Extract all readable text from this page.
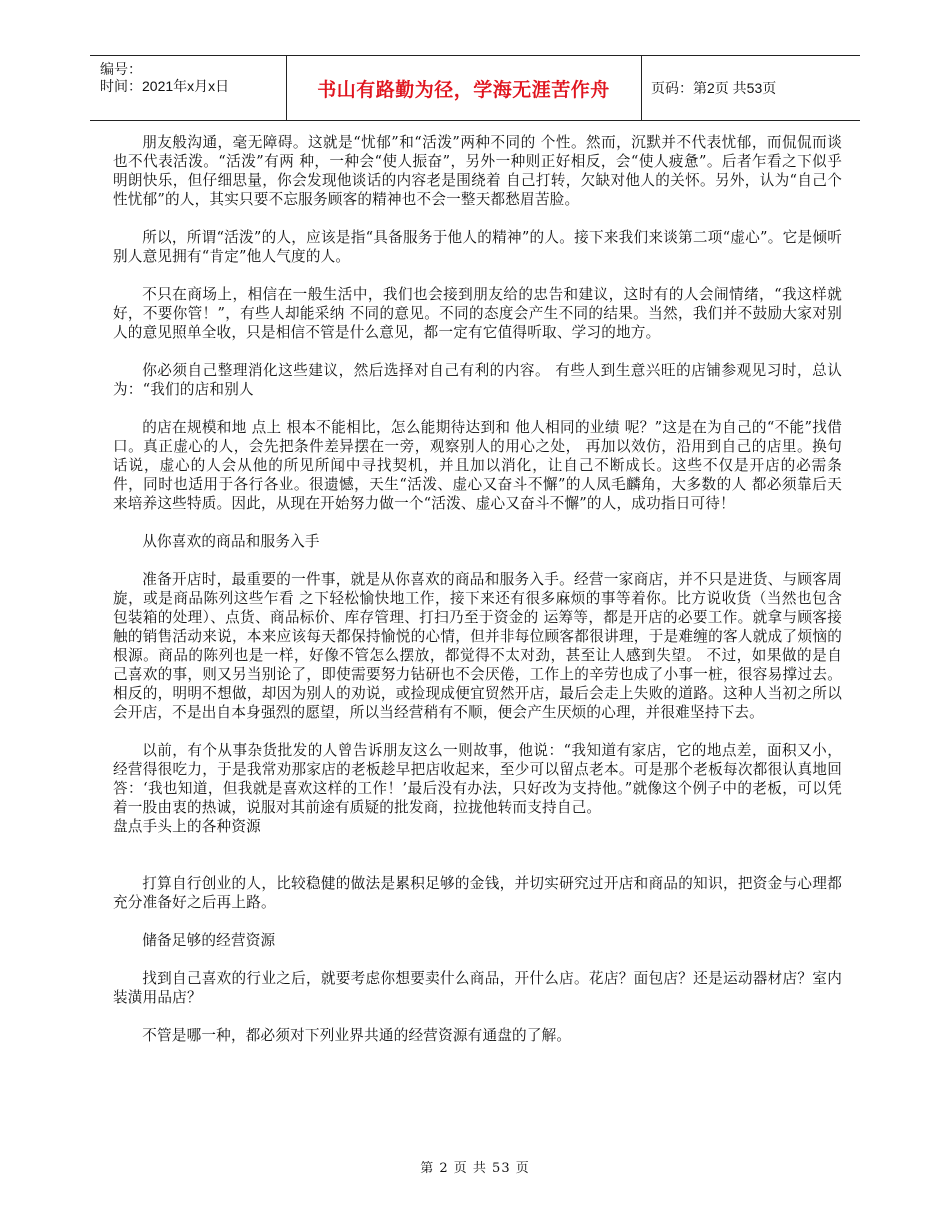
编号：
时间：2021年x月x日	书山有路勤为径，学海无涯苦作舟	页码：第2页 共53页

朋友般沟通，毫无障碍。这就是“忧郁”和“活泼”两种不同的 个性。然而，沉默并不代表忧郁，而侃侃而谈也不代表活泼。“活泼”有两 种，一种会“使人振奋”，另外一种则正好相反，会“使人疲惫”。后者乍看之下似乎明朗快乐，但仔细思量，你会发现他谈话的内容老是围绕着 自己打转，欠缺对他人的关怀。另外，认为“自己个性忧郁”的人，其实只要不忘服务顾客的精神也不会一整天都愁眉苦脸。

所以，所谓“活泼”的人，应该是指“具备服务于他人的精神”的人。接下来我们来谈第二项“虚心”。它是倾听别人意见拥有“肯定”他人气度的人。

不只在商场上，相信在一般生活中，我们也会接到朋友给的忠告和建议，这时有的人会闹情绪，“我这样就好，不要你管！”，有些人却能采纳 不同的意见。不同的态度会产生不同的结果。当然，我们并不鼓励大家对别人的意见照单全收，只是相信不管是什么意见，都一定有它值得听取、学习的地方。

你必须自己整理消化这些建议，然后选择对自己有利的内容。 有些人到生意兴旺的店铺参观见习时，总认为：“我们的店和别人

的店在规模和地 点上 根本不能相比，怎么能期待达到和 他人相同的业绩 呢？”这是在为自己的“不能”找借口。真正虚心的人，会先把条件差异摆在一旁，观察别人的用心之处， 再加以效仿，沿用到自己的店里。换句话说，虚心的人会从他的所见所闻中寻找契机，并且加以消化，让自己不断成长。这些不仅是开店的必需条 件，同时也适用于各行各业。很遗憾，天生“活泼、虚心又奋斗不懈”的人凤毛麟角，大多数的人 都必须靠后天来培养这些特质。因此，从现在开始努力做一个“活泼、虚心又奋斗不懈”的人，成功指日可待！

从你喜欢的商品和服务入手

准备开店时，最重要的一件事，就是从你喜欢的商品和服务入手。经营一家商店，并不只是进货、与顾客周旋，或是商品陈列这些乍看 之下轻松愉快地工作，接下来还有很多麻烦的事等着你。比方说收货（当然也包含包装箱的处理）、点货、商品标价、库存管理、打扫乃至于资金的 运筹等，都是开店的必要工作。就拿与顾客接触的销售活动来说，本来应该每天都保持愉悦的心情，但并非每位顾客都很讲理，于是难缠的客人就成了烦恼的根源。商品的陈列也是一样，好像不管怎么摆放，都觉得不太对劲，甚至让人感到失望。 不过，如果做的是自己喜欢的事，则又另当别论了，即使需要努力钻研也不会厌倦，工作上的辛劳也成了小事一桩，很容易撑过去。 相反的，明明不想做，却因为别人的劝说，或捡现成便宜贸然开店，最后会走上失败的道路。这种人当初之所以会开店，不是出自本身强烈的愿望，所以当经营稍有不顺，便会产生厌烦的心理，并很难坚持下去。

以前，有个从事杂货批发的人曾告诉朋友这么一则故事，他说：“我知道有家店，它的地点差，面积又小，经营得很吃力，于是我常劝那家店的老板趁早把店收起来，至少可以留点老本。可是那个老板每次都很认真地回答：‘我也知道，但我就是喜欢这样的工作！’最后没有办法，只好改为支持他。”就像这个例子中的老板，可以凭着一股由衷的热诚，说服对其前途有质疑的批发商，拉拢他转而支持自己。

盘点手头上的各种资源

打算自行创业的人，比较稳健的做法是累积足够的金钱，并切实研究过开店和商品的知识，把资金与心理都充分准备好之后再上路。

储备足够的经营资源

找到自己喜欢的行业之后，就要考虑你想要卖什么商品，开什么店。花店？面包店？还是运动器材店？室内装潢用品店？

不管是哪一种，都必须对下列业界共通的经营资源有通盘的了解。

第 2 页 共 53 页
